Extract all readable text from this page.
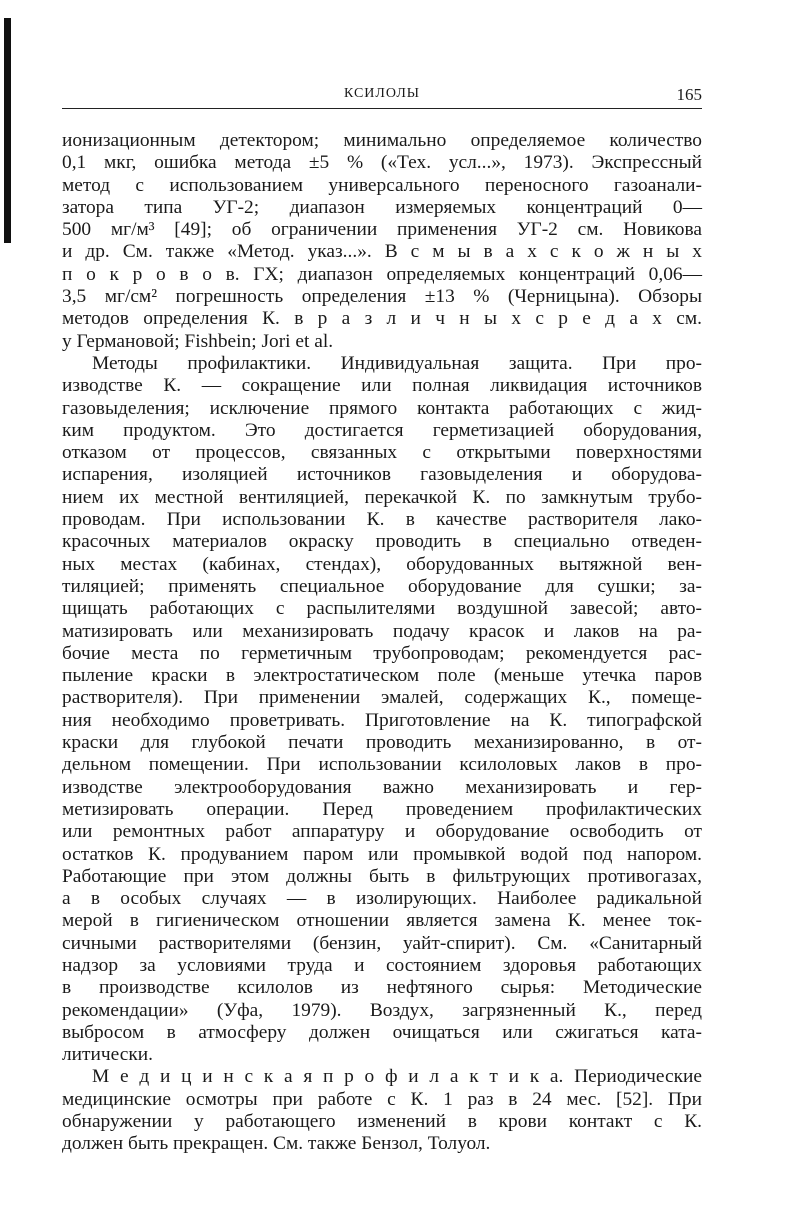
КСИЛОЛЫ	165
ионизационным детектором; минимально определяемое количество
0,1 мкг, ошибка метода ±5 % («Тех. усл...», 1973). Экспрессный
метод с использованием универсального переносного газоанали-
затора типа УГ-2; диапазон измеряемых концентраций 0—
500 мг/м³ [49]; об ограничении применения УГ-2 см. Новикова
и др. См. также «Метод. указ...». В с м ы в а х с к о ж н ы х
п о к р о в о в. ГХ; диапазон определяемых концентраций 0,06—
3,5 мг/см² погрешность определения ±13 % (Черницына). Обзоры
методов определения К. в р а з л и ч н ы х с р е д а х см.
у Германовой; Fishbein; Jori et al.
Методы профилактики. Индивидуальная защита. При про-
изводстве К. — сокращение или полная ликвидация источников
газовыделения; исключение прямого контакта работающих с жид-
ким продуктом. Это достигается герметизацией оборудования,
отказом от процессов, связанных с открытыми поверхностями
испарения, изоляцией источников газовыделения и оборудова-
нием их местной вентиляцией, перекачкой К. по замкнутым трубо-
проводам. При использовании К. в качестве растворителя лако-
красочных материалов окраску проводить в специально отведен-
ных местах (кабинах, стендах), оборудованных вытяжной вен-
тиляцией; применять специальное оборудование для сушки; за-
щищать работающих с распылителями воздушной завесой; авто-
матизировать или механизировать подачу красок и лаков на ра-
бочие места по герметичным трубопроводам; рекомендуется рас-
пыление краски в электростатическом поле (меньше утечка паров
растворителя). При применении эмалей, содержащих К., помеще-
ния необходимо проветривать. Приготовление на К. типографской
краски для глубокой печати проводить механизированно, в от-
дельном помещении. При использовании ксилоловых лаков в про-
изводстве электрооборудования важно механизировать и гер-
метизировать операции. Перед проведением профилактических
или ремонтных работ аппаратуру и оборудование освободить от
остатков К. продуванием паром или промывкой водой под напором.
Работающие при этом должны быть в фильтрующих противогазах,
а в особых случаях — в изолирующих. Наиболее радикальной
мерой в гигиеническом отношении является замена К. менее ток-
сичными растворителями (бензин, уайт-спирит). См. «Санитарный
надзор за условиями труда и состоянием здоровья работающих
в производстве ксилолов из нефтяного сырья: Методические
рекомендации» (Уфа, 1979). Воздух, загрязненный К., перед
выбросом в атмосферу должен очищаться или сжигаться ката-
литически.
М е д и ц и н с к а я п р о ф и л а к т и к а. Периодические
медицинские осмотры при работе с К. 1 раз в 24 мес. [52]. При
обнаружении у работающего изменений в крови контакт с К.
должен быть прекращен. См. также Бензол, Толуол.
